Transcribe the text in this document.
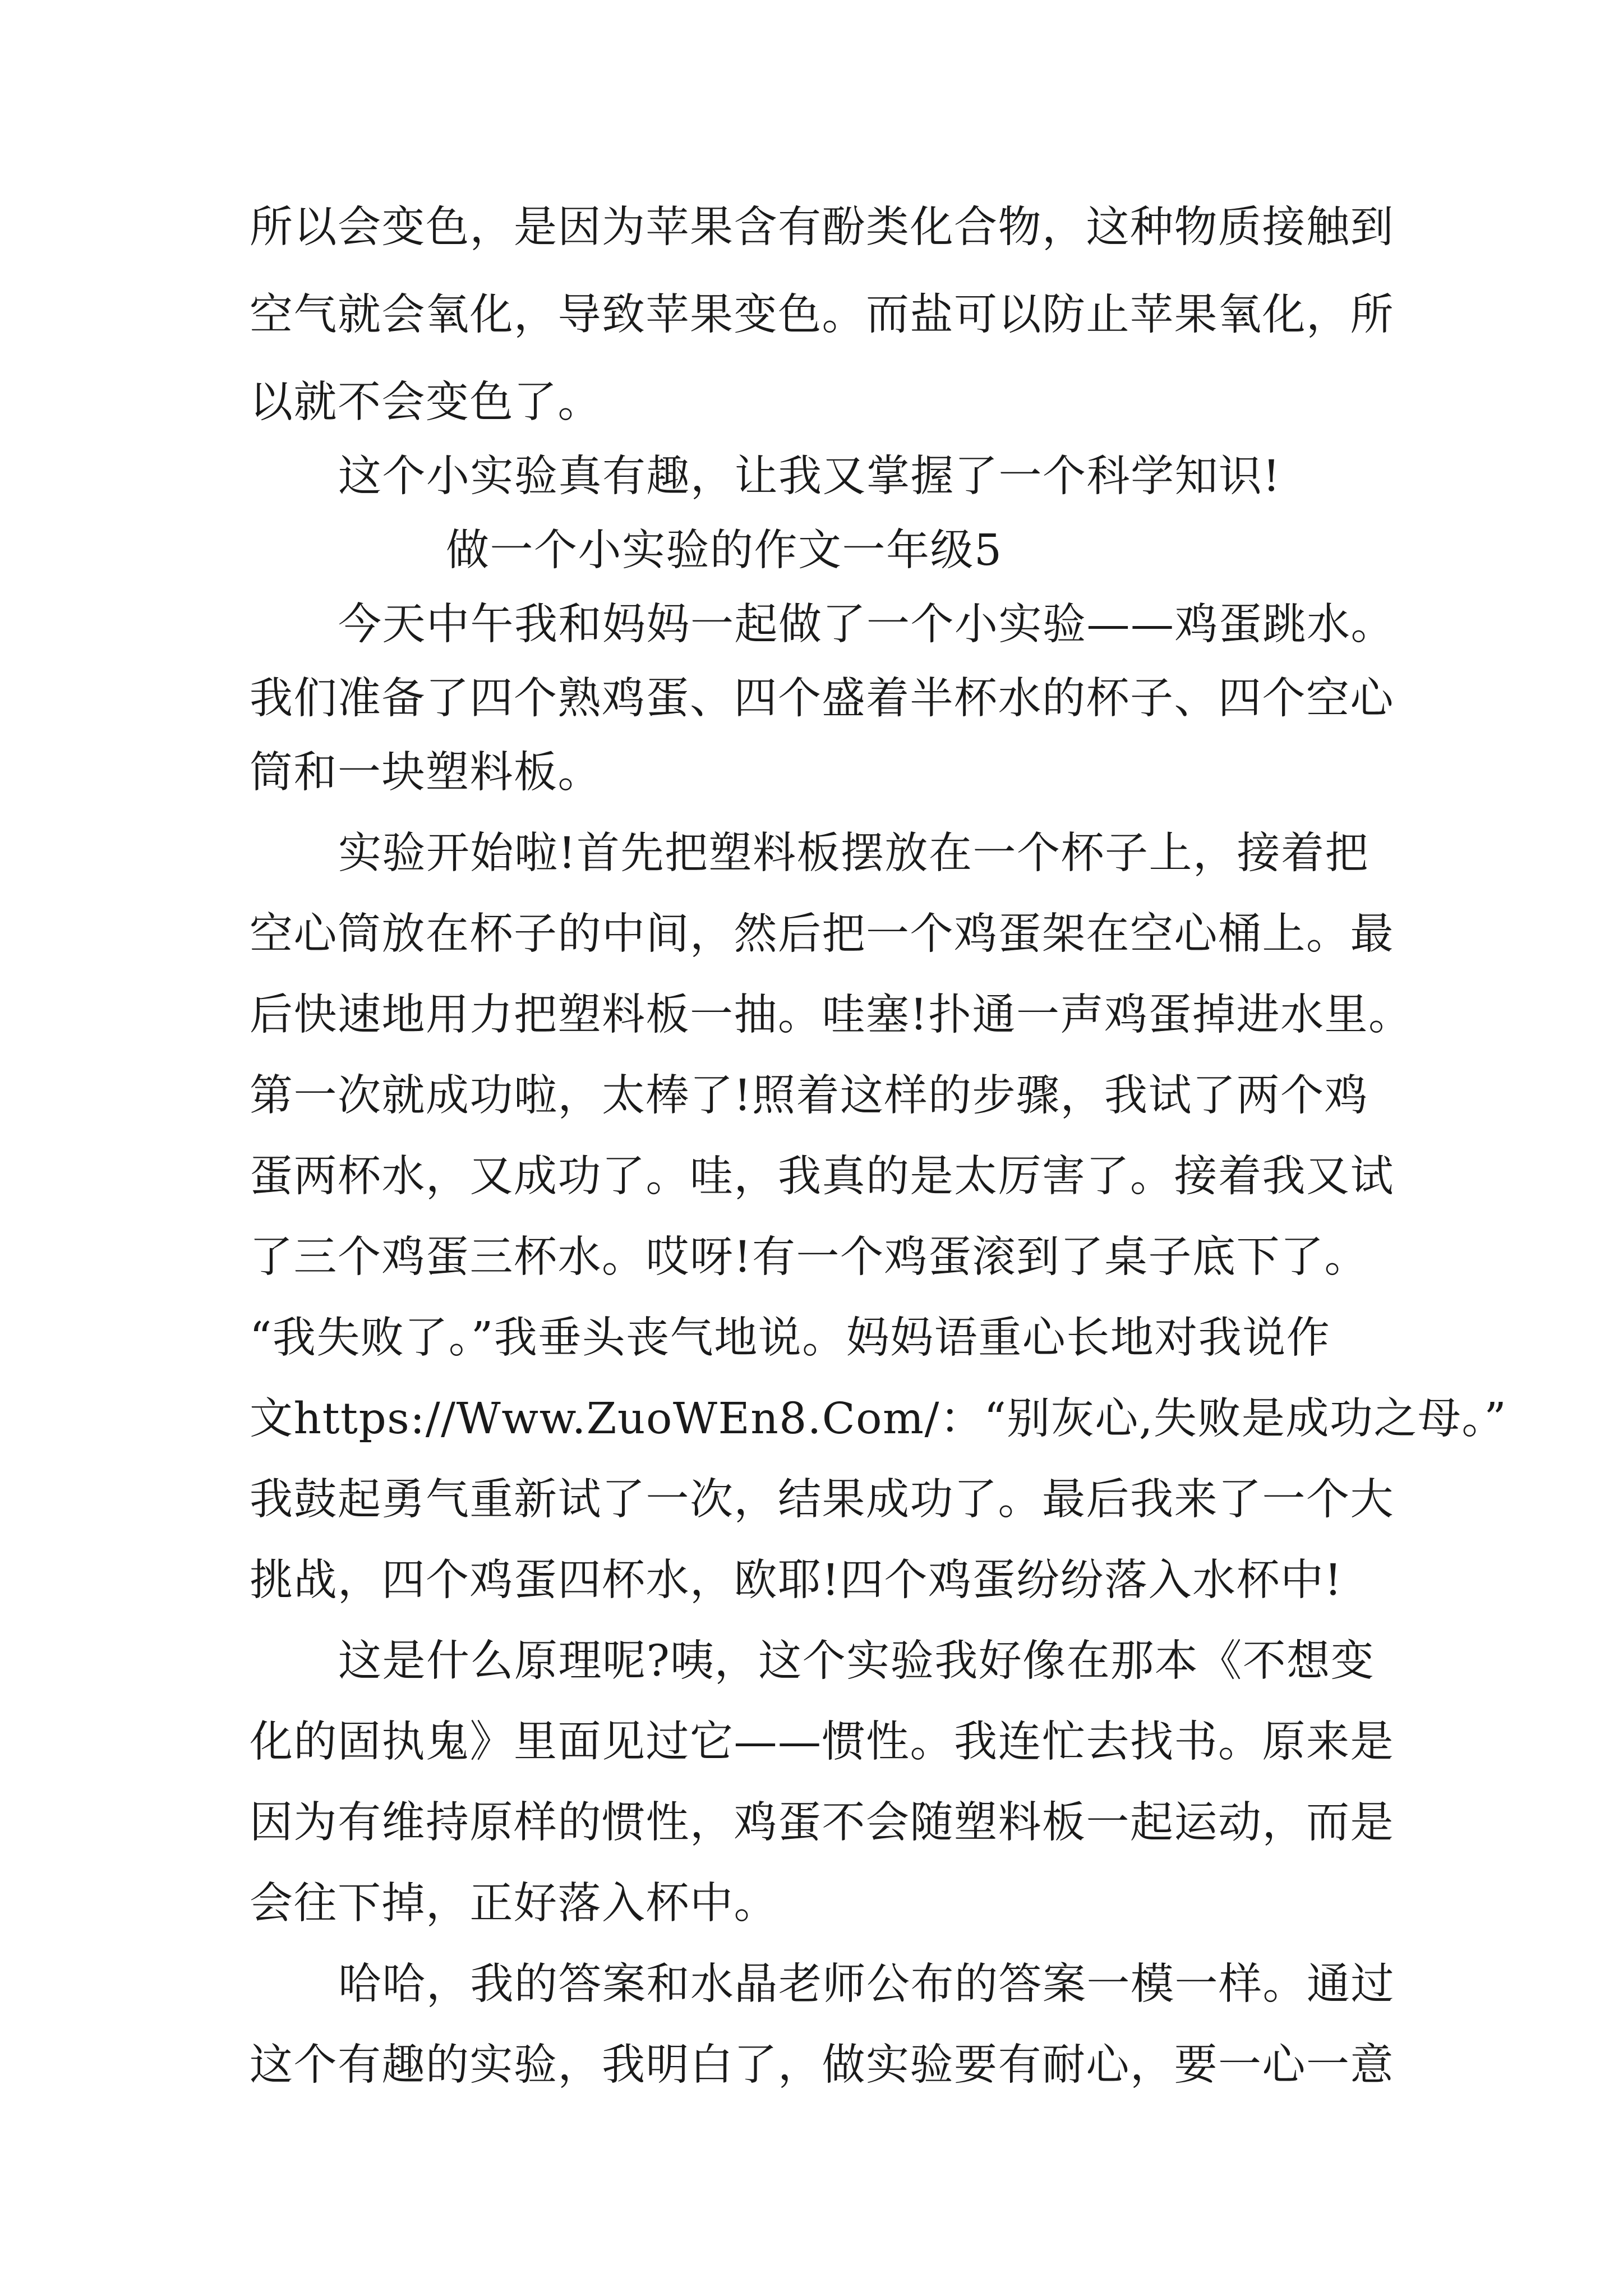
所以会变色，是因为苹果含有酚类化合物，这种物质接触到
空气就会氧化，导致苹果变色。而盐可以防止苹果氧化，所
以就不会变色了。
这个小实验真有趣，让我又掌握了一个科学知识!
做一个小实验的作文一年级5
今天中午我和妈妈一起做了一个小实验——鸡蛋跳水。
我们准备了四个熟鸡蛋、四个盛着半杯水的杯子、四个空心
筒和一块塑料板。
实验开始啦!首先把塑料板摆放在一个杯子上，接着把
空心筒放在杯子的中间，然后把一个鸡蛋架在空心桶上。最
后快速地用力把塑料板一抽。哇塞!扑通一声鸡蛋掉进水里。
第一次就成功啦，太棒了!照着这样的步骤，我试了两个鸡
蛋两杯水，又成功了。哇，我真的是太厉害了。接着我又试
了三个鸡蛋三杯水。哎呀!有一个鸡蛋滚到了桌子底下了。
“我失败了。”我垂头丧气地说。妈妈语重心长地对我说作
文https://Www.ZuoWEn8.Com/：“别灰心,失败是成功之母。”
我鼓起勇气重新试了一次，结果成功了。最后我来了一个大
挑战，四个鸡蛋四杯水，欧耶!四个鸡蛋纷纷落入水杯中!
这是什么原理呢?咦，这个实验我好像在那本《不想变
化的固执鬼》里面见过它——惯性。我连忙去找书。原来是
因为有维持原样的惯性，鸡蛋不会随塑料板一起运动，而是
会往下掉，正好落入杯中。
哈哈，我的答案和水晶老师公布的答案一模一样。通过
这个有趣的实验，我明白了，做实验要有耐心，要一心一意
